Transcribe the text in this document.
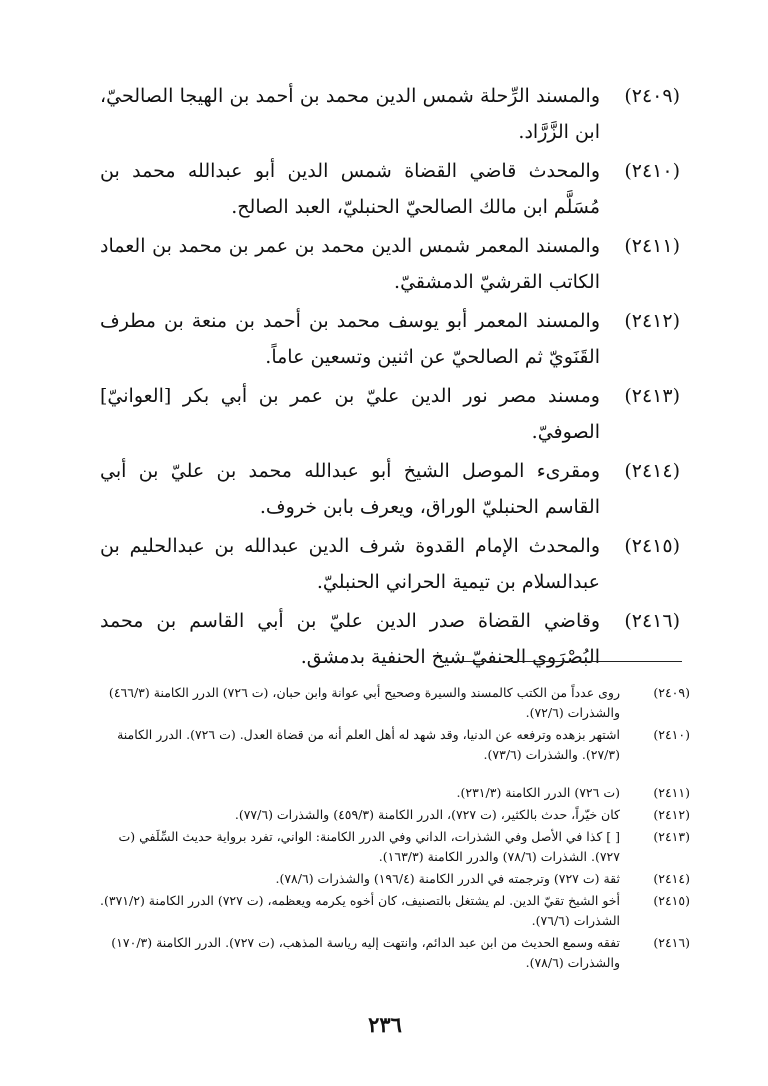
(٢٤٠٩)والمسند الرِّحلة شمس الدين محمد بن أحمد بن الهيجا الصالحيّ، ابن الزَّرَّاد.

(٢٤١٠)والمحدث قاضي القضاة شمس الدين أبو عبدالله محمد بن مُسَلَّم ابن مالك الصالحيّ الحنبليّ، العبد الصالح.

(٢٤١١)والمسند المعمر شمس الدين محمد بن عمر بن محمد بن العماد الكاتب القرشيّ الدمشقيّ.

(٢٤١٢)والمسند المعمر أبو يوسف محمد بن أحمد بن منعة بن مطرف القَنَويّ ثم الصالحيّ عن اثنين وتسعين عاماً.

(٢٤١٣)ومسند مصر نور الدين عليّ بن عمر بن أبي بكر [العوانيّ] الصوفيّ.

(٢٤١٤)ومقرىء الموصل الشيخ أبو عبدالله محمد بن عليّ بن أبي القاسم الحنبليّ الوراق، ويعرف بابن خروف.

(٢٤١٥)والمحدث الإمام القدوة شرف الدين عبدالله بن عبدالحليم بن عبدالسلام بن تيمية الحراني الحنبليّ.

(٢٤١٦)وقاضي القضاة صدر الدين عليّ بن أبي القاسم بن محمد البُصْرَوي الحنفيّ شيخ الحنفية بدمشق.

(٢٤٠٩)روى عدداً من الكتب كالمسند والسيرة وصحيح أبي عوانة وابن حبان، (ت ٧٢٦) الدرر الكامنة (٤٦٦/٣) والشذرات (٧٢/٦).

(٢٤١٠)اشتهر بزهده وترفعه عن الدنيا، وقد شهد له أهل العلم أنه من قضاة العدل. (ت ٧٢٦). الدرر الكامنة (٢٧/٣). والشذرات (٧٣/٦).

(٢٤١١)(ت ٧٢٦) الدرر الكامنة (٢٣١/٣).

(٢٤١٢)كان خيّراً، حدث بالكثير، (ت ٧٢٧)، الدرر الكامنة (٤٥٩/٣) والشذرات (٧٧/٦).

(٢٤١٣)[ ] كذا في الأصل وفي الشذرات، الداني وفي الدرر الكامنة: الواني، تفرد برواية حديث السِّلَفي (ت ٧٢٧). الشذرات (٧٨/٦) والدرر الكامنة (١٦٣/٣).

(٢٤١٤)ثقة (ت ٧٢٧) وترجمته في الدرر الكامنة (١٩٦/٤) والشذرات (٧٨/٦).

(٢٤١٥)أخو الشيخ تقيّ الدين. لم يشتغل بالتصنيف، كان أخوه يكرمه ويعظمه، (ت ٧٢٧) الدرر الكامنة (٣٧١/٢). الشذرات (٧٦/٦).

(٢٤١٦)تفقه وسمع الحديث من ابن عبد الدائم، وانتهت إليه رياسة المذهب، (ت ٧٢٧). الدرر الكامنة (١٧٠/٣) والشذرات (٧٨/٦).

٢٣٦
